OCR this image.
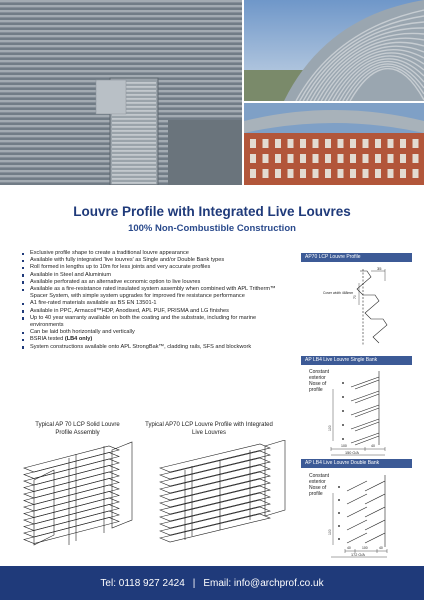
Louvre Profile with Integrated Live Louvres
100% Non-Combustible Construction
Exclusive profile shape to create a traditional louvre appearance
Available with fully integrated 'live louvres' as Single and/or Double Bank types
Roll formed in lengths up to 10m for less joints and very accurate profiles
Available in Steel and Aluminium
Available perforated as an alternative economic option to live louvres
Available as a fire-resistance rated insulated system assembly when combined with APL Tritherm™ Spacer System, with simple system upgrades for improved fire resistance performance
A1 fire-rated materials available as BS EN 13501-1
Available in PPC, Armacoil™HDP, Anodised, APL PUF, PRISMA and LG finishes
Up to 40 year warranty available on both the coating and the substrate, including for marine environments
Can be laid both horizontally and vertically
BSRIA tested (LB4 only)
System constructions available onto APL StrongBak™, cladding rails, SFS and blockwork
Typical AP 70 LCP Solid Louvre Profile Assembly
Typical AP70 LCP Louvre Profile with Integrated Live Louvres
AP70 LCP Louvre Profile
AP LB4 Live Louvre Single Bank
AP LB4 Live Louvre Double Bank
35
Cover width 468mm
70
Constant
exterior
Nose of
profile
100	40
150 O/A
100
Constant
exterior
Nose of
profile
40	100	40
172 O/A
100
Tel: 0118 927 2424 | Email: info@archprof.co.uk
